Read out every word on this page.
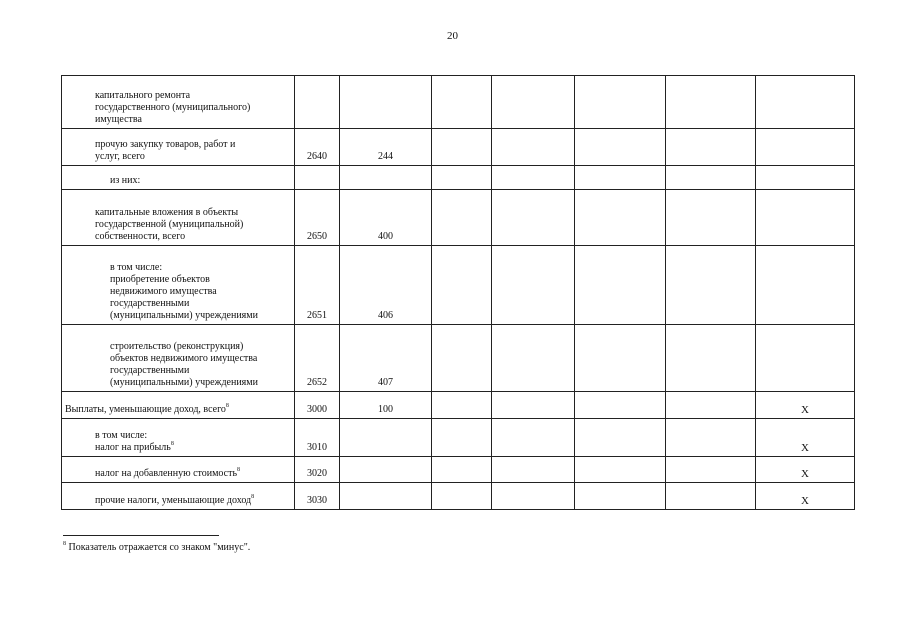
20
капитального ремонта
государственного (муниципального)
имущества							
прочую закупку товаров, работ и
услуг, всего	2640	244					
из них:							
капитальные вложения в объекты
государственной (муниципальной)
собственности, всего	2650	400					
в том числе:
приобретение объектов
недвижимого имущества
государственными
(муниципальными) учреждениями	2651	406					
строительство (реконструкция)
объектов недвижимого имущества
государственными
(муниципальными) учреждениями	2652	407					
Выплаты, уменьшающие доход, всего$^8$	3000	100					X
в том числе:
налог на прибыль$^8$	3010						X
налог на добавленную стоимость$^8$	3020						X
прочие налоги, уменьшающие доход$^8$	3030						X
$^8$ Показатель отражается со знаком "минус".
